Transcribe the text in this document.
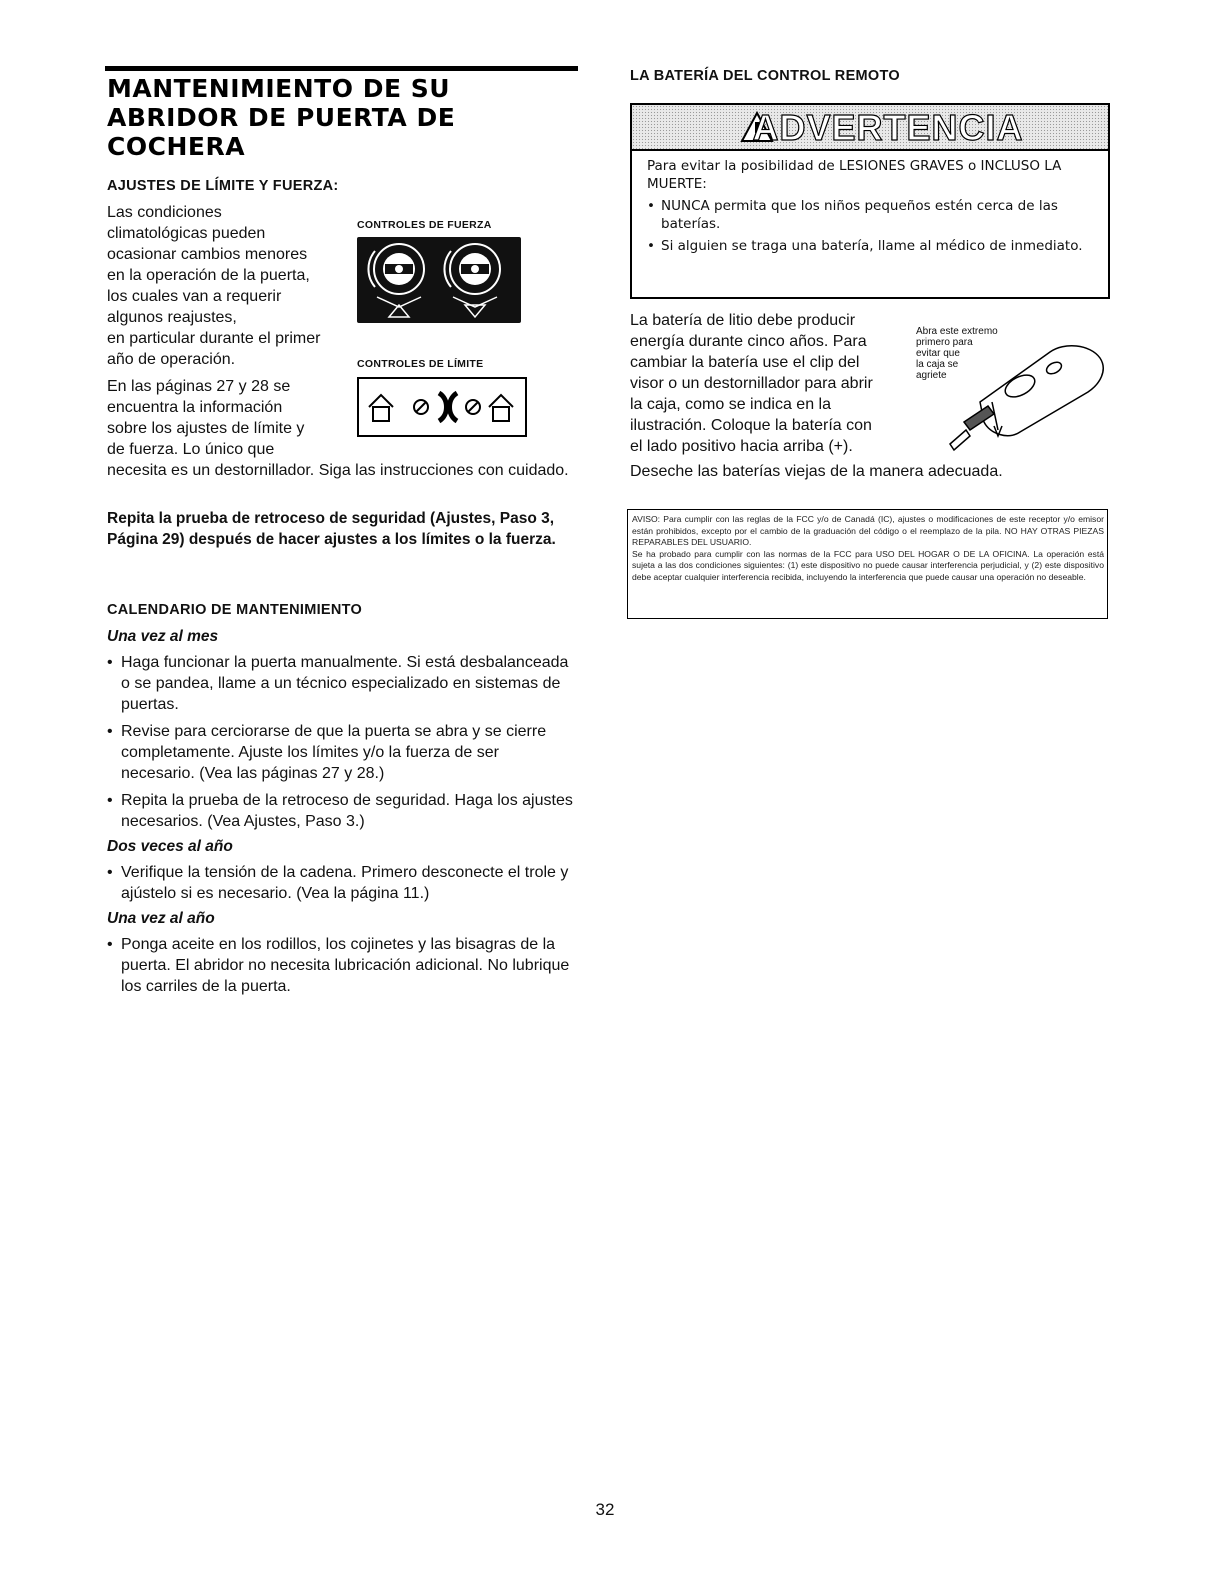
MANTENIMIENTO DE SU
ABRIDOR DE PUERTA DE
COCHERA

AJUSTES DE LÍMITE Y FUERZA:

Las condiciones
climatológicas pueden
ocasionar cambios menores
en la operación de la puerta,
los cuales van a requerir
algunos reajustes,
en particular durante el primer
año de operación.
En las páginas 27 y 28 se
encuentra la información
sobre los ajustes de límite y
de fuerza. Lo único que

necesita es un destornillador. Siga las instrucciones con cuidado.

Repita la prueba de retroceso de seguridad (Ajustes, Paso 3, Página 29) después de hacer ajustes a los límites o la fuerza.

CONTROLES DE FUERZA
CONTROLES DE LÍMITE

CALENDARIO DE MANTENIMIENTO

Una vez al mes
• Haga funcionar la puerta manualmente. Si está desbalanceada o se pandea, llame a un técnico especializado en sistemas de puertas.
• Revise para cerciorarse de que la puerta se abra y se cierre completamente. Ajuste los límites y/o la fuerza de ser necesario. (Vea las páginas 27 y 28.)
• Repita la prueba de la retroceso de seguridad. Haga los ajustes necesarios. (Vea Ajustes, Paso 3.)
Dos veces al año
• Verifique la tensión de la cadena. Primero desconecte el trole y ajústelo si es necesario. (Vea la página 11.)
Una vez al año
• Ponga aceite en los rodillos, los cojinetes y las bisagras de la puerta. El abridor no necesita lubricación adicional. No lubrique los carriles de la puerta.

LA BATERÍA DEL CONTROL REMOTO

ADVERTENCIA

Para evitar la posibilidad de LESIONES GRAVES o INCLUSO LA MUERTE:

• NUNCA permita que los niños pequeños estén cerca de las baterías.
• Si alguien se traga una batería, llame al médico de inmediato.
La batería de litio debe producir
energía durante cinco años. Para
cambiar la batería use el clip del
visor o un destornillador para abrir
la caja, como se indica en la
ilustración. Coloque la batería con
el lado positivo hacia arriba (+).
Abra este extremo
primero para
evitar que
la caja se
agriete

Deseche las baterías viejas de la manera adecuada.

AVISO: Para cumplir con las reglas de la FCC y/o de Canadá (IC), ajustes o modificaciones de este receptor y/o emisor están prohibidos, excepto por el cambio de la graduación del código o el reemplazo de la pila. NO HAY OTRAS PIEZAS REPARABLES DEL USUARIO.

Se ha probado para cumplir con las normas de la FCC para USO DEL HOGAR O DE LA OFICINA. La operación está sujeta a las dos condiciones siguientes: (1) este dispositivo no puede causar interferencia perjudicial, y (2) este dispositivo debe aceptar cualquier interferencia recibida, incluyendo la interferencia que puede causar una operación no deseable.

32
